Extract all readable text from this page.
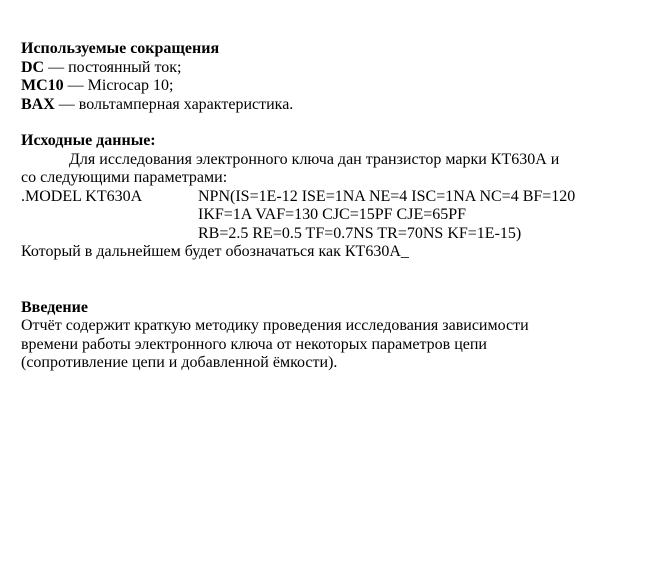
Используемые сокращения
DC — постоянный ток;
MC10 — Microcap 10;
BAX — вольтамперная характеристика.
Исходные данные:
Для исследования электронного ключа дан транзистор марки КТ630А и
со следующими параметрами:
.MODEL KT630A	NPN(IS=1E-12 ISE=1NA NE=4 ISC=1NA NC=4 BF=120
IKF=1A VAF=130 CJC=15PF CJE=65PF
RB=2.5 RE=0.5 TF=0.7NS TR=70NS KF=1E-15)
Который в дальнейшем будет обозначаться как КТ630А_
Введение
Отчёт содержит краткую методику проведения исследования зависимости
времени работы электронного ключа от некоторых параметров цепи
(сопротивление цепи и добавленной ёмкости).
